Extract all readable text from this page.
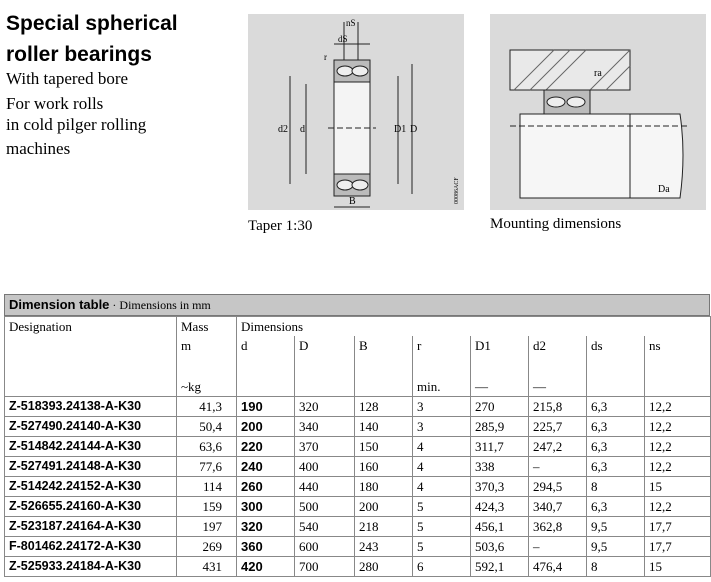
Special spherical
roller bearings
With tapered bore
For work rolls
in cold pilger rolling
machines
nS
dS
r
d2 d	D1 D
B	00086ACF
Taper 1:30
ra
Da
Mounting dimensions
Dimension table · Dimensions in mm
Designation	Mass	Dimensions							
	m	d	D	B	r	D1	d2	ds	ns

	~kg				min.	—	—		
Z-518393.24138-A-K30	41,3	190	320	128	3	270	215,8	6,3	12,2
Z-527490.24140-A-K30	50,4	200	340	140	3	285,9	225,7	6,3	12,2
Z-514842.24144-A-K30	63,6	220	370	150	4	311,7	247,2	6,3	12,2
Z-527491.24148-A-K30	77,6	240	400	160	4	338	–	6,3	12,2
Z-514242.24152-A-K30	114	260	440	180	4	370,3	294,5	8	15
Z-526655.24160-A-K30	159	300	500	200	5	424,3	340,7	6,3	12,2
Z-523187.24164-A-K30	197	320	540	218	5	456,1	362,8	9,5	17,7
F-801462.24172-A-K30	269	360	600	243	5	503,6	–	9,5	17,7
Z-525933.24184-A-K30	431	420	700	280	6	592,1	476,4	8	15
